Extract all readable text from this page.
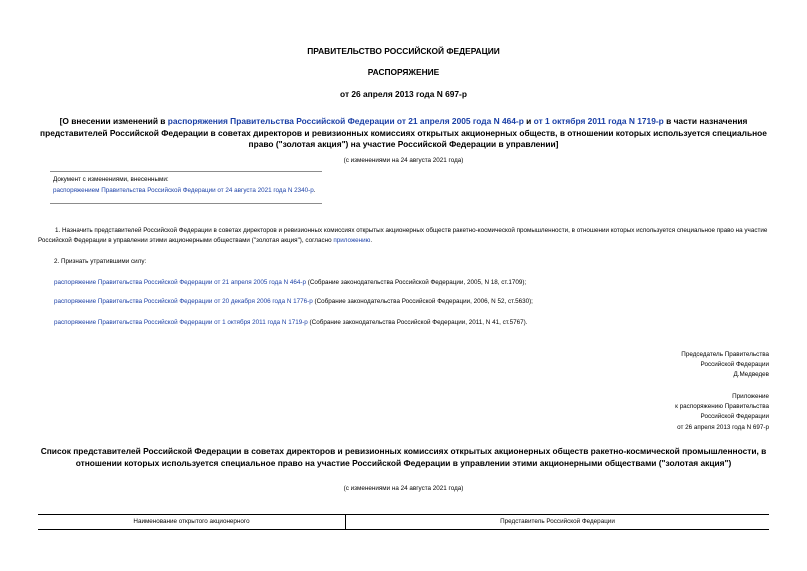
ПРАВИТЕЛЬСТВО РОССИЙСКОЙ ФЕДЕРАЦИИ
РАСПОРЯЖЕНИЕ
от 26 апреля 2013 года N 697-р
[О внесении изменений в распоряжения Правительства Российской Федерации от 21 апреля 2005 года N 464-р и от 1 октября 2011 года N 1719-р в части назначения представителей Российской Федерации в советах директоров и ревизионных комиссиях открытых акционерных обществ, в отношении которых используется специальное право ("золотая акция") на участие Российской Федерации в управлении]
(с изменениями на 24 августа 2021 года)
Документ с изменениями, внесенными:
распоряжением Правительства Российской Федерации от 24 августа 2021 года N 2340-р.
1. Назначить представителей Российской Федерации в советах директоров и ревизионных комиссиях открытых акционерных обществ ракетно-космической промышленности, в отношении которых используется специальное право на участие Российской Федерации в управлении этими акционерными обществами ("золотая акция"), согласно приложению.
2. Признать утратившими силу:
распоряжение Правительства Российской Федерации от 21 апреля 2005 года N 464-р (Собрание законодательства Российской Федерации, 2005, N 18, ст.1709);
распоряжение Правительства Российской Федерации от 20 декабря 2006 года N 1776-р (Собрание законодательства Российской Федерации, 2006, N 52, ст.5630);
распоряжение Правительства Российской Федерации от 1 октября 2011 года N 1719-р (Собрание законодательства Российской Федерации, 2011, N 41, ст.5767).
Председатель Правительства
Российской Федерации
Д.Медведев
Приложение
к распоряжению Правительства
Российской Федерации
от 26 апреля 2013 года N 697-р
Список представителей Российской Федерации в советах директоров и ревизионных комиссиях открытых акционерных обществ ракетно-космической промышленности, в отношении которых используется специальное право на участие Российской Федерации в управлении этими акционерными обществами ("золотая акция")
(с изменениями на 24 августа 2021 года)
Наименование открытого акционерного	Представитель Российской Федерации
